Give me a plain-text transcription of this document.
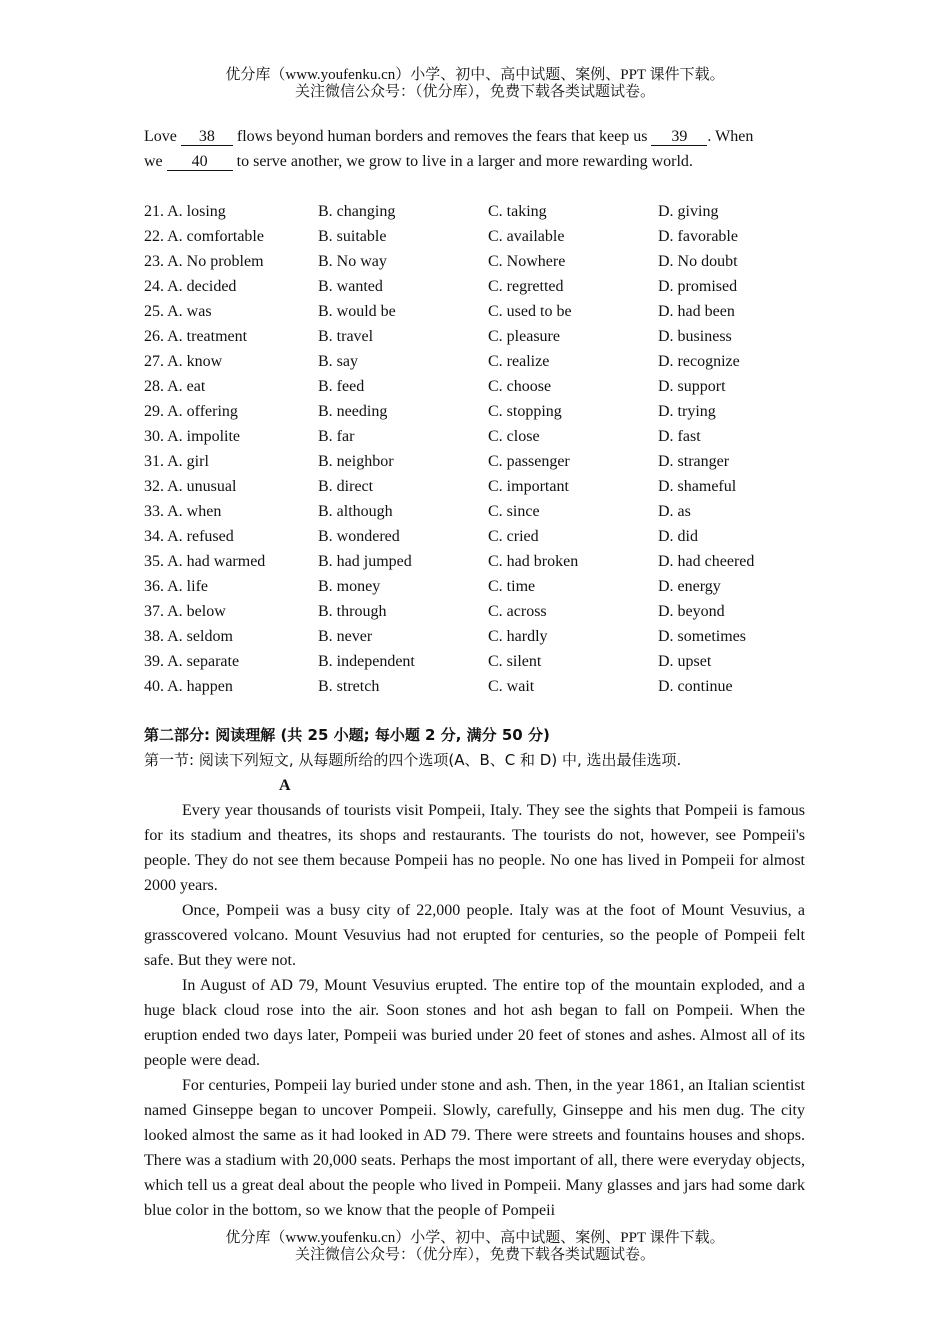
优分库（www.youfenku.cn）小学、初中、高中试题、案例、PPT 课件下载。
关注微信公众号：（优分库），免费下载各类试题试卷。

Love 38 flows beyond human borders and removes the fears that keep us 39 . When

we 40 to serve another, we grow to live in a larger and more rewarding world.

21. A. losing	B. changing	C. taking	D. giving
22. A. comfortable	B. suitable	C. available	D. favorable
23. A. No problem	B. No way	C. Nowhere	D. No doubt
24. A. decided	B. wanted	C. regretted	D. promised
25. A. was	B. would be	C. used to be	D. had been
26. A. treatment	B. travel	C. pleasure	D. business
27. A. know	B. say	C. realize	D. recognize
28. A. eat	B. feed	C. choose	D. support
29. A. offering	B. needing	C. stopping	D. trying
30. A. impolite	B. far	C. close	D. fast
31. A. girl	B. neighbor	C. passenger	D. stranger
32. A. unusual	B. direct	C. important	D. shameful
33. A. when	B. although	C. since	D. as
34. A. refused	B. wondered	C. cried	D. did
35. A. had warmed	B. had jumped	C. had broken	D. had cheered
36. A. life	B. money	C. time	D. energy
37. A. below	B. through	C. across	D. beyond
38. A. seldom	B. never	C. hardly	D. sometimes
39. A. separate	B. independent	C. silent	D. upset
40. A. happen	B. stretch	C. wait	D. continue
第二部分: 阅读理解 (共 25 小题; 每小题 2 分, 满分 50 分)
第一节: 阅读下列短文, 从每题所给的四个选项(A、B、C 和 D) 中, 选出最佳选项.
A

Every year thousands of tourists visit Pompeii, Italy. They see the sights that Pompeii is famous for its stadium and theatres, its shops and restaurants. The tourists do not, however, see Pompeii's people. They do not see them because Pompeii has no people. No one has lived in Pompeii for almost 2000 years.

Once, Pompeii was a busy city of 22,000 people. Italy was at the foot of Mount Vesuvius, a grasscovered volcano. Mount Vesuvius had not erupted for centuries, so the people of Pompeii felt safe. But they were not.

In August of AD 79, Mount Vesuvius erupted. The entire top of the mountain exploded, and a huge black cloud rose into the air. Soon stones and hot ash began to fall on Pompeii. When the eruption ended two days later, Pompeii was buried under 20 feet of stones and ashes. Almost all of its people were dead.

For centuries, Pompeii lay buried under stone and ash. Then, in the year 1861, an Italian scientist named Ginseppe began to uncover Pompeii. Slowly, carefully, Ginseppe and his men dug. The city looked almost the same as it had looked in AD 79. There were streets and fountains houses and shops. There was a stadium with 20,000 seats. Perhaps the most important of all, there were everyday objects, which tell us a great deal about the people who lived in Pompeii. Many glasses and jars had some dark blue color in the bottom, so we know that the people of Pompeii

优分库（www.youfenku.cn）小学、初中、高中试题、案例、PPT 课件下载。
关注微信公众号：（优分库），免费下载各类试题试卷。
